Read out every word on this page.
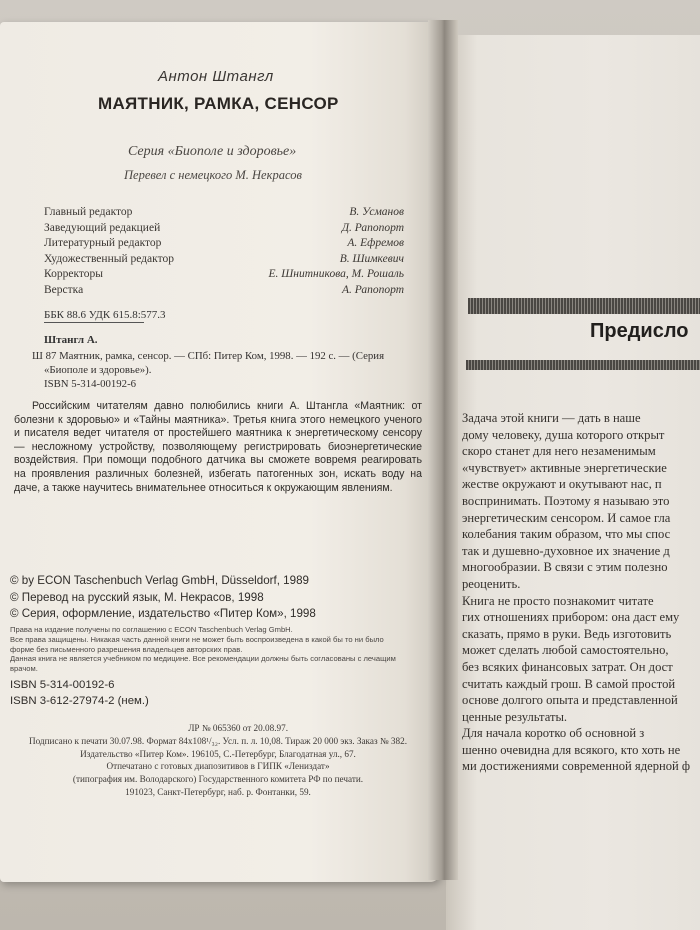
Антон Штангл
МАЯТНИК, РАМКА, СЕНСОР
Серия «Биополе и здоровье»
Перевел с немецкого М. Некрасов
Главный редактор	В. Усманов
Заведующий редакцией	Д. Рапопорт
Литературный редактор	А. Ефремов
Художественный редактор	В. Шимкевич
Корректоры	Е. Шнитникова, М. Рошаль
Верстка	А. Рапопорт
ББК 88.6 УДК 615.8:577.3
Штангл А.

Ш 87 Маятник, рамка, сенсор. — СПб: Питер Ком, 1998. — 192 с. — (Серия

«Биополе и здоровье»).

ISBN 5-314-00192-6

Российским читателям давно полюбились книги А. Штангла «Маятник: от болезни к здоровью» и «Тайны маятника». Третья книга этого немецкого ученого и писателя ведет читателя от простейшего маятника к энергетическому сенсору — несложному устройству, позволяющему регистрировать биоэнергетические воздействия. При помощи подобного датчика вы сможете вовремя реагировать на проявления различных болезней, избегать патогенных зон, искать воду на даче, а также научитесь внимательнее относиться к окружающим явлениям.

© by ECON Taschenbuch Verlag GmbH, Düsseldorf, 1989

© Перевод на русский язык, М. Некрасов, 1998

© Серия, оформление, издательство «Питер Ком», 1998

Права на издание получены по соглашению с ECON Taschenbuch Verlag GmbH.

Все права защищены. Никакая часть данной книги не может быть воспроизведена в какой бы то ни было

форме без письменного разрешения владельцев авторских прав.

Данная книга не является учебником по медицине. Все рекомендации должны быть согласованы с лечащим

врачом.

ISBN 5-314-00192-6

ISBN 3-612-27974-2 (нем.)

ЛР № 065360 от 20.08.97.

Подписано к печати 30.07.98. Формат 84х108¹/₃₂. Усл. п. л. 10,08. Тираж 20 000 экз. Заказ № 382.

Издательство «Питер Ком». 196105, С.-Петербург, Благодатная ул., 67.

Отпечатано с готовых диапозитивов в ГИПК «Лениздат»

(типография им. Володарского) Государственного комитета РФ по печати.

191023, Санкт-Петербург, наб. р. Фонтанки, 59.

Предисло

Задача этой книги — дать в наше

дому человеку, душа которого открыт

скоро станет для него незаменимым

«чувствует» активные энергетические

жестве окружают и окутывают нас, п

воспринимать. Поэтому я называю это

энергетическим сенсором. И самое гла

колебания таким образом, что мы спос

так и душевно-духовное их значение д

многообразии. В связи с этим полезно

реоценить.

Книга не просто познакомит читате

гих отношениях прибором: она даст ему

сказать, прямо в руки. Ведь изготовить

может сделать любой самостоятельно,

без всяких финансовых затрат. Он дост

считать каждый грош. В самой простой

основе долгого опыта и представленной

ценные результаты.

Для начала коротко об основной з

шенно очевидна для всякого, кто хоть не

ми достижениями современной ядерной ф
